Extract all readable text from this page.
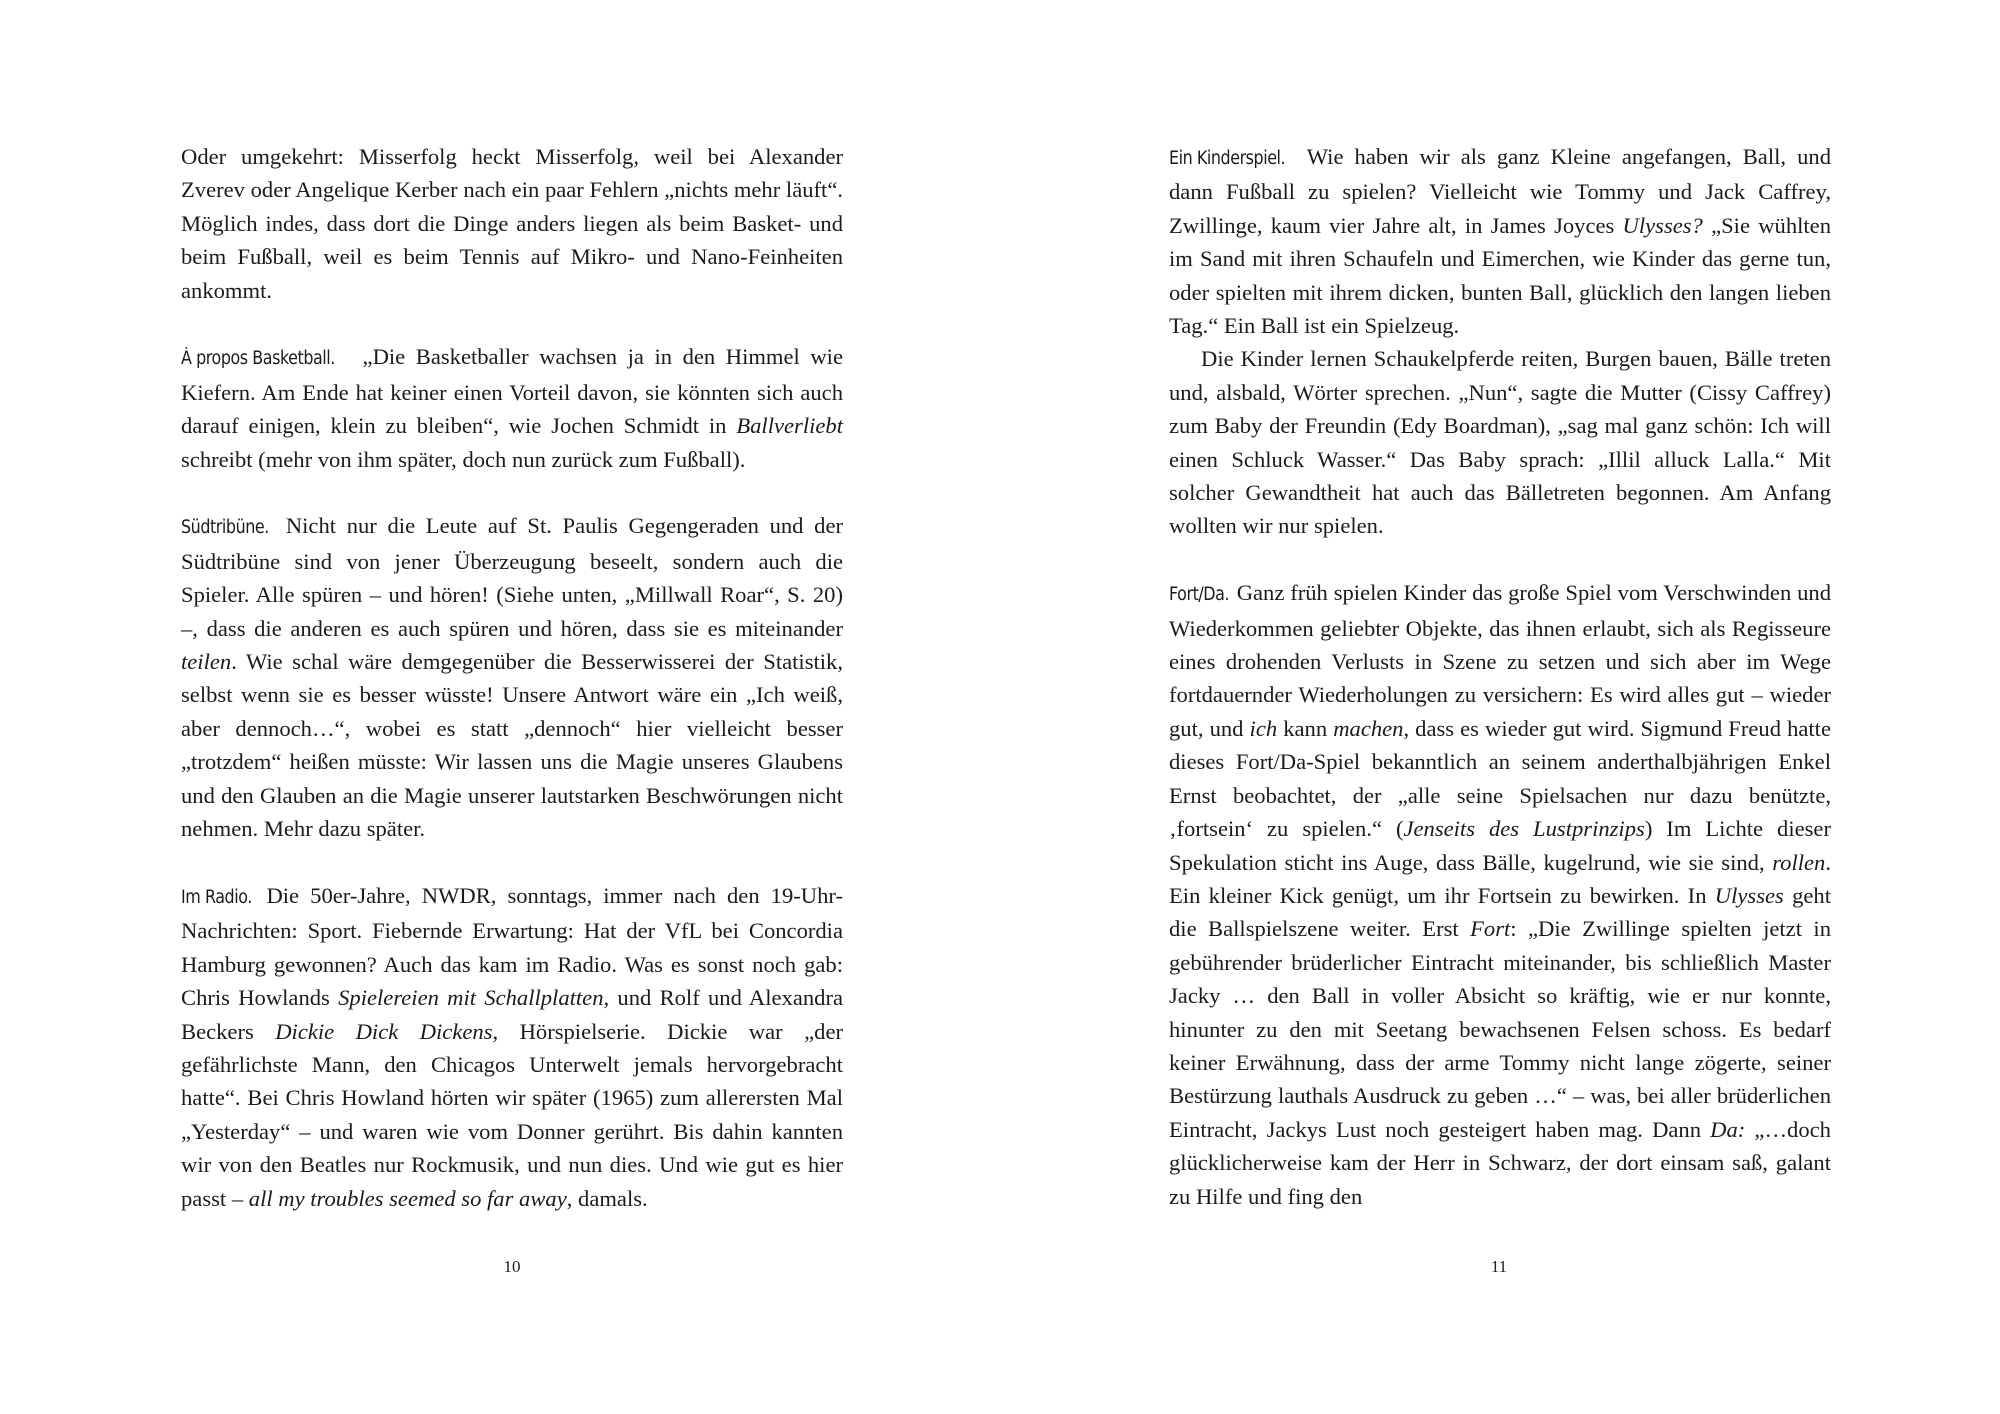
Oder umgekehrt: Misserfolg heckt Misserfolg, weil bei Alexander Zverev oder Angelique Kerber nach ein paar Fehlern „nichts mehr läuft“. Möglich indes, dass dort die Dinge anders liegen als beim Basket- und beim Fußball, weil es beim Tennis auf Mikro- und Nano-Feinheiten ankommt.

À propos Basketball. „Die Basketballer wachsen ja in den Himmel wie Kiefern. Am Ende hat keiner einen Vorteil davon, sie könnten sich auch darauf einigen, klein zu bleiben“, wie Jochen Schmidt in Ballverliebt schreibt (mehr von ihm später, doch nun zurück zum Fußball).

Südtribüne. Nicht nur die Leute auf St. Paulis Gegengeraden und der Südtribüne sind von jener Überzeugung beseelt, sondern auch die Spieler. Alle spüren – und hören! (Siehe unten, „Millwall Roar“, S. 20) –, dass die anderen es auch spüren und hören, dass sie es miteinander teilen. Wie schal wäre demgegenüber die Besserwisserei der Statistik, selbst wenn sie es besser wüsste! Unsere Antwort wäre ein „Ich weiß, aber dennoch…“, wobei es statt „dennoch“ hier vielleicht besser „trotzdem“ heißen müsste: Wir lassen uns die Magie unseres Glaubens und den Glauben an die Magie unserer lautstarken Beschwörungen nicht nehmen. Mehr dazu später.

Im Radio. Die 50er-Jahre, NWDR, sonntags, immer nach den 19-Uhr-Nachrichten: Sport. Fiebernde Erwartung: Hat der VfL bei Concordia Hamburg gewonnen? Auch das kam im Radio. Was es sonst noch gab: Chris Howlands Spielereien mit Schallplatten, und Rolf und Alexandra Beckers Dickie Dick Dickens, Hörspielserie. Dickie war „der gefährlichste Mann, den Chicagos Unterwelt jemals hervorgebracht hatte“. Bei Chris Howland hörten wir später (1965) zum allerersten Mal „Yesterday“ – und waren wie vom Donner gerührt. Bis dahin kannten wir von den Beatles nur Rockmusik, und nun dies. Und wie gut es hier passt – all my troubles seemed so far away, damals.

10

Ein Kinderspiel. Wie haben wir als ganz Kleine angefangen, Ball, und dann Fußball zu spielen? Vielleicht wie Tommy und Jack Caffrey, Zwillinge, kaum vier Jahre alt, in James Joyces Ulysses? „Sie wühlten im Sand mit ihren Schaufeln und Eimerchen, wie Kinder das gerne tun, oder spielten mit ihrem dicken, bunten Ball, glücklich den langen lieben Tag.“ Ein Ball ist ein Spielzeug.

Die Kinder lernen Schaukelpferde reiten, Burgen bauen, Bälle treten und, alsbald, Wörter sprechen. „Nun“, sagte die Mutter (Cissy Caffrey) zum Baby der Freundin (Edy Boardman), „sag mal ganz schön: Ich will einen Schluck Wasser.“ Das Baby sprach: „Illil alluck Lalla.“ Mit solcher Gewandtheit hat auch das Bälletreten begonnen. Am Anfang wollten wir nur spielen.

Fort/Da. Ganz früh spielen Kinder das große Spiel vom Verschwinden und Wiederkommen geliebter Objekte, das ihnen erlaubt, sich als Regisseure eines drohenden Verlusts in Szene zu setzen und sich aber im Wege fortdauernder Wiederholungen zu versichern: Es wird alles gut – wieder gut, und ich kann machen, dass es wieder gut wird. Sigmund Freud hatte dieses Fort/Da-Spiel bekanntlich an seinem anderthalbjährigen Enkel Ernst beobachtet, der „alle seine Spielsachen nur dazu benützte, ‚fortsein‘ zu spielen.“ (Jenseits des Lustprinzips) Im Lichte dieser Spekulation sticht ins Auge, dass Bälle, kugelrund, wie sie sind, rollen. Ein kleiner Kick genügt, um ihr Fortsein zu bewirken. In Ulysses geht die Ballspielszene weiter. Erst Fort: „Die Zwillinge spielten jetzt in gebührender brüderlicher Eintracht miteinander, bis schließlich Master Jacky … den Ball in voller Absicht so kräftig, wie er nur konnte, hinunter zu den mit Seetang bewachsenen Felsen schoss. Es bedarf keiner Erwähnung, dass der arme Tommy nicht lange zögerte, seiner Bestürzung lauthals Ausdruck zu geben …“ – was, bei aller brüderlichen Eintracht, Jackys Lust noch gesteigert haben mag. Dann Da: „…doch glücklicherweise kam der Herr in Schwarz, der dort einsam saß, galant zu Hilfe und fing den

11
